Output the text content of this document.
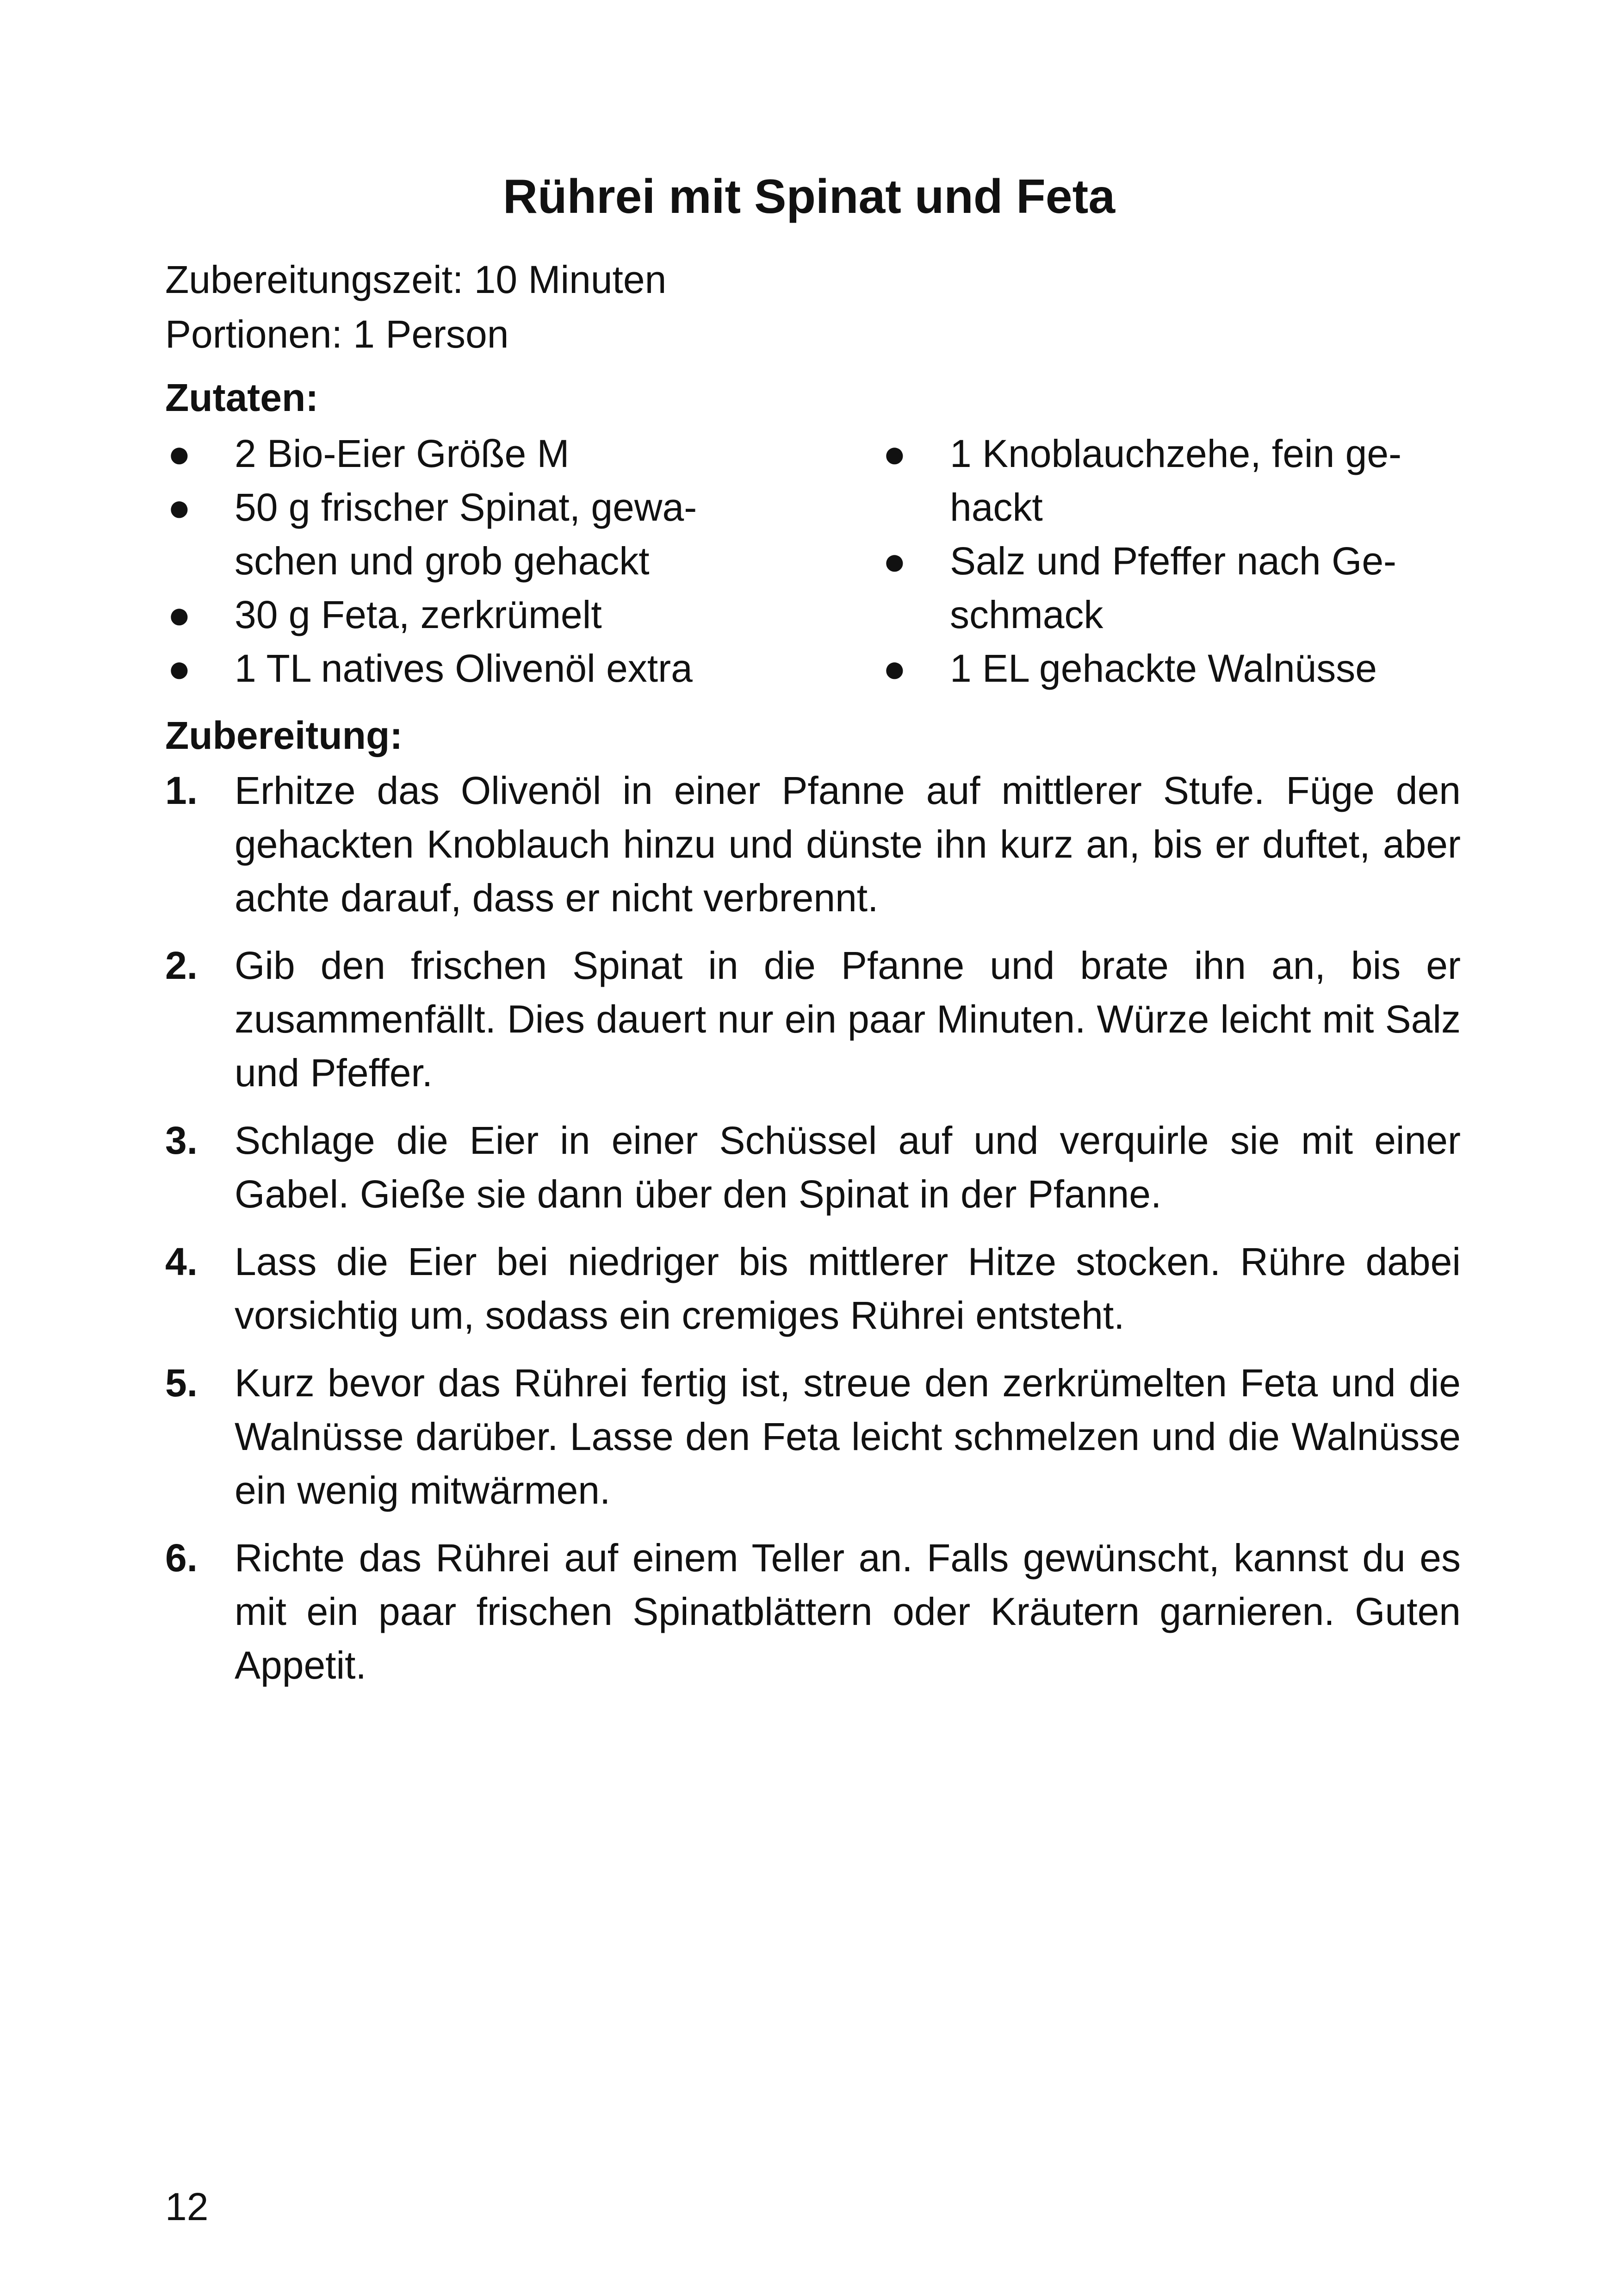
Rührei mit Spinat und Feta
Zubereitungszeit: 10 Minuten
Portionen: 1 Person
Zutaten:
● 2 Bio-Eier Größe M
● 50 g frischer Spinat, gewa- schen und grob gehackt
● 30 g Feta, zerkrümelt
● 1 TL natives Olivenöl extra
● 1 Knoblauchzehe, fein ge- hackt
● Salz und Pfeffer nach Ge- schmack
● 1 EL gehackte Walnüsse
Zubereitung:
1. Erhitze das Olivenöl in einer Pfanne auf mittlerer Stufe. Füge den gehackten Knoblauch hinzu und dünste ihn kurz an, bis er duftet, aber achte darauf, dass er nicht verbrennt.
2. Gib den frischen Spinat in die Pfanne und brate ihn an, bis er zusammenfällt. Dies dauert nur ein paar Minuten. Würze leicht mit Salz und Pfeffer.
3. Schlage die Eier in einer Schüssel auf und verquirle sie mit einer Gabel. Gieße sie dann über den Spinat in der Pfanne.
4. Lass die Eier bei niedriger bis mittlerer Hitze stocken. Rühre dabei vorsichtig um, sodass ein cremiges Rührei entsteht.
5. Kurz bevor das Rührei fertig ist, streue den zerkrümelten Feta und die Walnüsse darüber. Lasse den Feta leicht schmelzen und die Walnüsse ein wenig mitwärmen.
6. Richte das Rührei auf einem Teller an. Falls gewünscht, kannst du es mit ein paar frischen Spinatblättern oder Kräutern garnieren. Guten Appetit.
12
